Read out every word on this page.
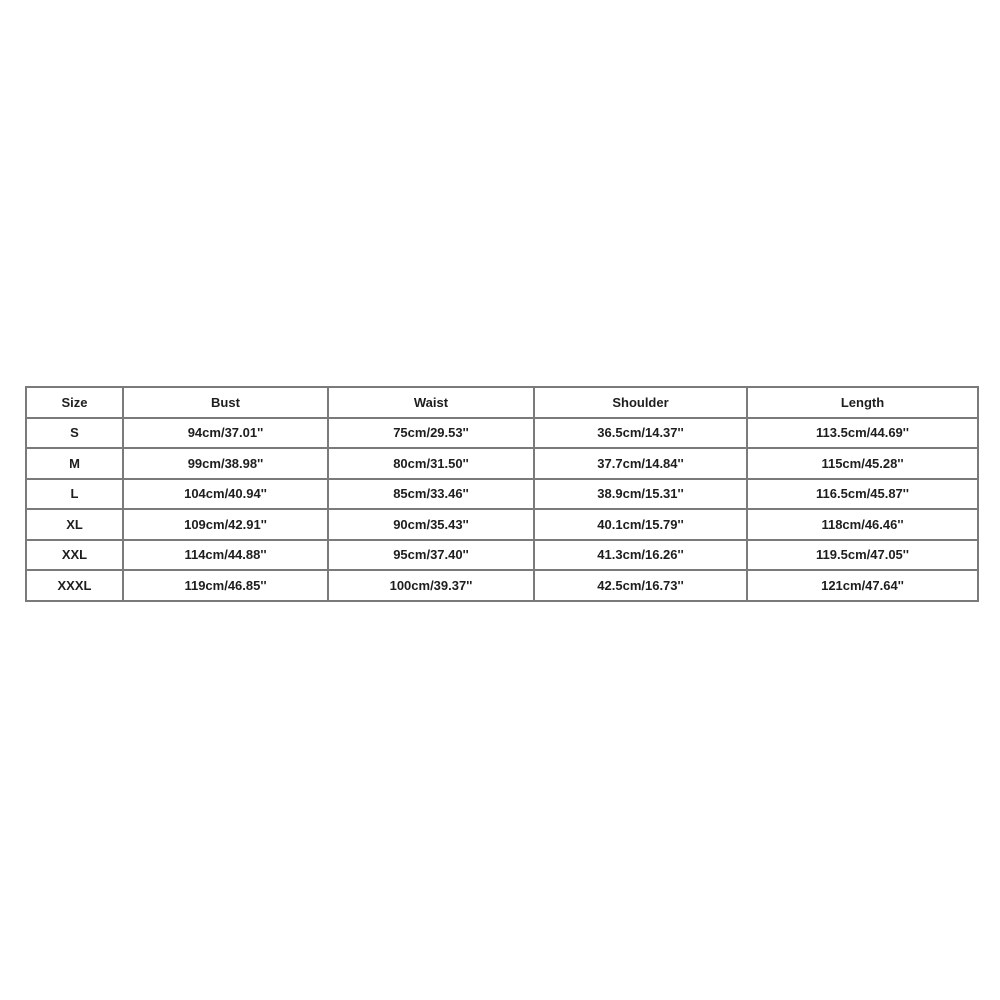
Size	Bust	Waist	Shoulder	Length
S	94cm/37.01''	75cm/29.53''	36.5cm/14.37''	113.5cm/44.69''
M	99cm/38.98''	80cm/31.50''	37.7cm/14.84''	115cm/45.28''
L	104cm/40.94''	85cm/33.46''	38.9cm/15.31''	116.5cm/45.87''
XL	109cm/42.91''	90cm/35.43''	40.1cm/15.79''	118cm/46.46''
XXL	114cm/44.88''	95cm/37.40''	41.3cm/16.26''	119.5cm/47.05''
XXXL	119cm/46.85''	100cm/39.37''	42.5cm/16.73''	121cm/47.64''
